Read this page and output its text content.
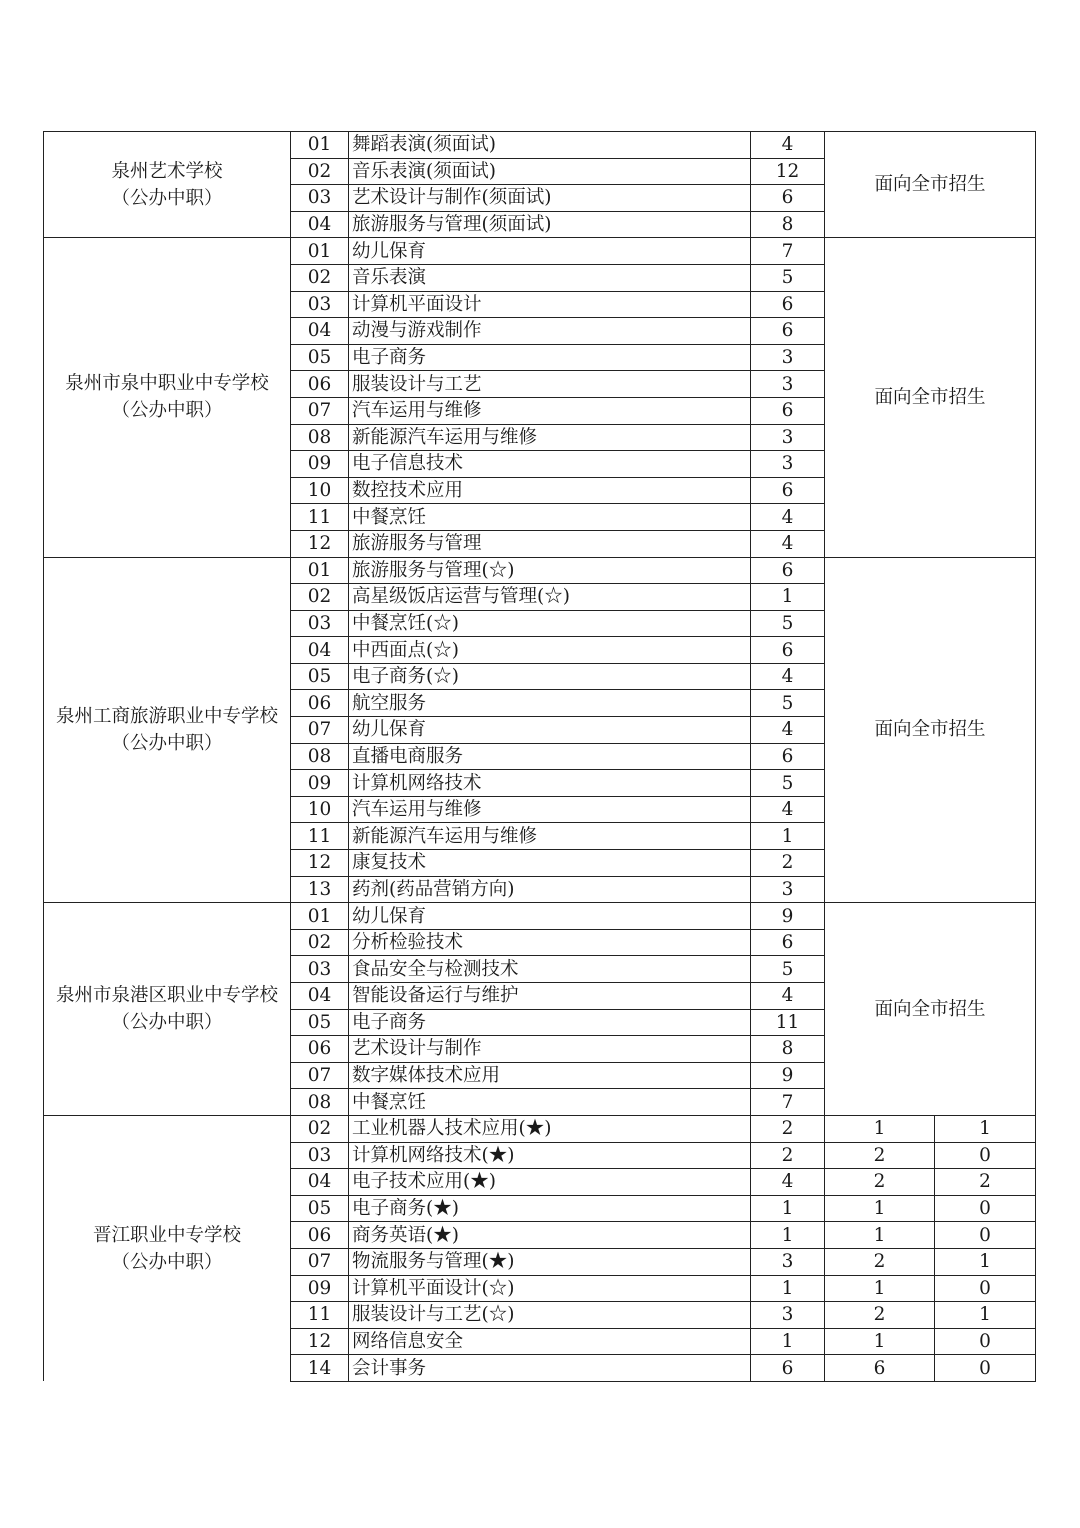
泉州艺术学校
（公办中职）	01	舞蹈表演(须面试)	4	面向全市招生	
	02	音乐表演(须面试)	12		
	03	艺术设计与制作(须面试)	6		
	04	旅游服务与管理(须面试)	8		

泉州市泉中职业中专学校
（公办中职）	01	幼儿保育	7	面向全市招生	
	02	音乐表演	5		
	03	计算机平面设计	6		
	04	动漫与游戏制作	6		
	05	电子商务	3		
	06	服装设计与工艺	3		
	07	汽车运用与维修	6		
	08	新能源汽车运用与维修	3		
	09	电子信息技术	3		
	10	数控技术应用	6		
	11	中餐烹饪	4		
	12	旅游服务与管理	4		

泉州工商旅游职业中专学校
（公办中职）	01	旅游服务与管理(☆)	6	面向全市招生	
	02	高星级饭店运营与管理(☆)	1		
	03	中餐烹饪(☆)	5		
	04	中西面点(☆)	6		
	05	电子商务(☆)	4		
	06	航空服务	5		
	07	幼儿保育	4		
	08	直播电商服务	6		
	09	计算机网络技术	5		
	10	汽车运用与维修	4		
	11	新能源汽车运用与维修	1		
	12	康复技术	2		
	13	药剂(药品营销方向)	3		

泉州市泉港区职业中专学校
（公办中职）	01	幼儿保育	9	面向全市招生	
	02	分析检验技术	6		
	03	食品安全与检测技术	5		
	04	智能设备运行与维护	4		
	05	电子商务	11		
	06	艺术设计与制作	8		
	07	数字媒体技术应用	9		
	08	中餐烹饪	7		

晋江职业中专学校
（公办中职）	02	工业机器人技术应用(★)	2	1	1
	03	计算机网络技术(★)	2	2	0
	04	电子技术应用(★)	4	2	2
	05	电子商务(★)	1	1	0
	06	商务英语(★)	1	1	0
	07	物流服务与管理(★)	3	2	1
	09	计算机平面设计(☆)	1	1	0
	11	服装设计与工艺(☆)	3	2	1
	12	网络信息安全	1	1	0
	14	会计事务	6	6	0
